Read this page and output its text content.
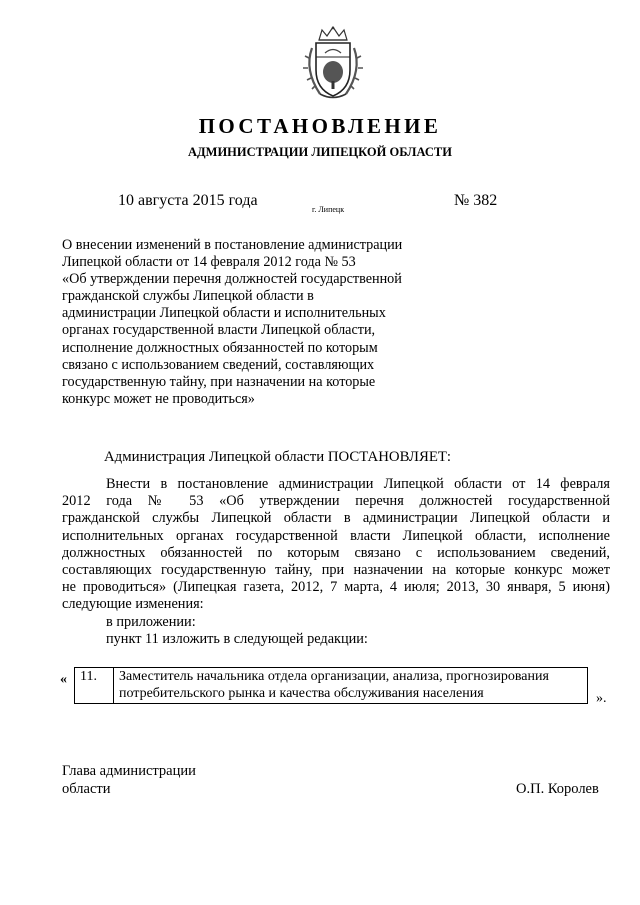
ПОСТАНОВЛЕНИЕ
АДМИНИСТРАЦИИ ЛИПЕЦКОЙ ОБЛАСТИ
10 августа 2015 года
г. Липецк
№ 382
О внесении изменений в постановление администрации
Липецкой области от 14 февраля 2012 года № 53
«Об утверждении перечня должностей государственной
гражданской службы Липецкой области в
администрации Липецкой области и исполнительных
органах государственной власти Липецкой области,
исполнение должностных обязанностей по которым
связано с использованием сведений, составляющих
государственную тайну, при назначении на которые
конкурс может не проводиться»
Администрация Липецкой области ПОСТАНОВЛЯЕТ:
Внести в постановление администрации Липецкой области от 14 февраля
2012 года № 53 «Об утверждении перечня должностей государственной
гражданской службы Липецкой области в администрации Липецкой области и
исполнительных органах государственной власти Липецкой области, исполнение
должностных обязанностей по которым связано с использованием сведений,
составляющих государственную тайну, при назначении на которые конкурс может
не проводиться» (Липецкая газета, 2012, 7 марта, 4 июля; 2013, 30 января, 5 июня)
следующие изменения:
в приложении:
пункт 11 изложить в следующей редакции:
« 11.	Заместитель начальника отдела организации, анализа, прогнозирования
потребительского рынка и качества обслуживания населения	».
Глава администрации
области	О.П. Королев
